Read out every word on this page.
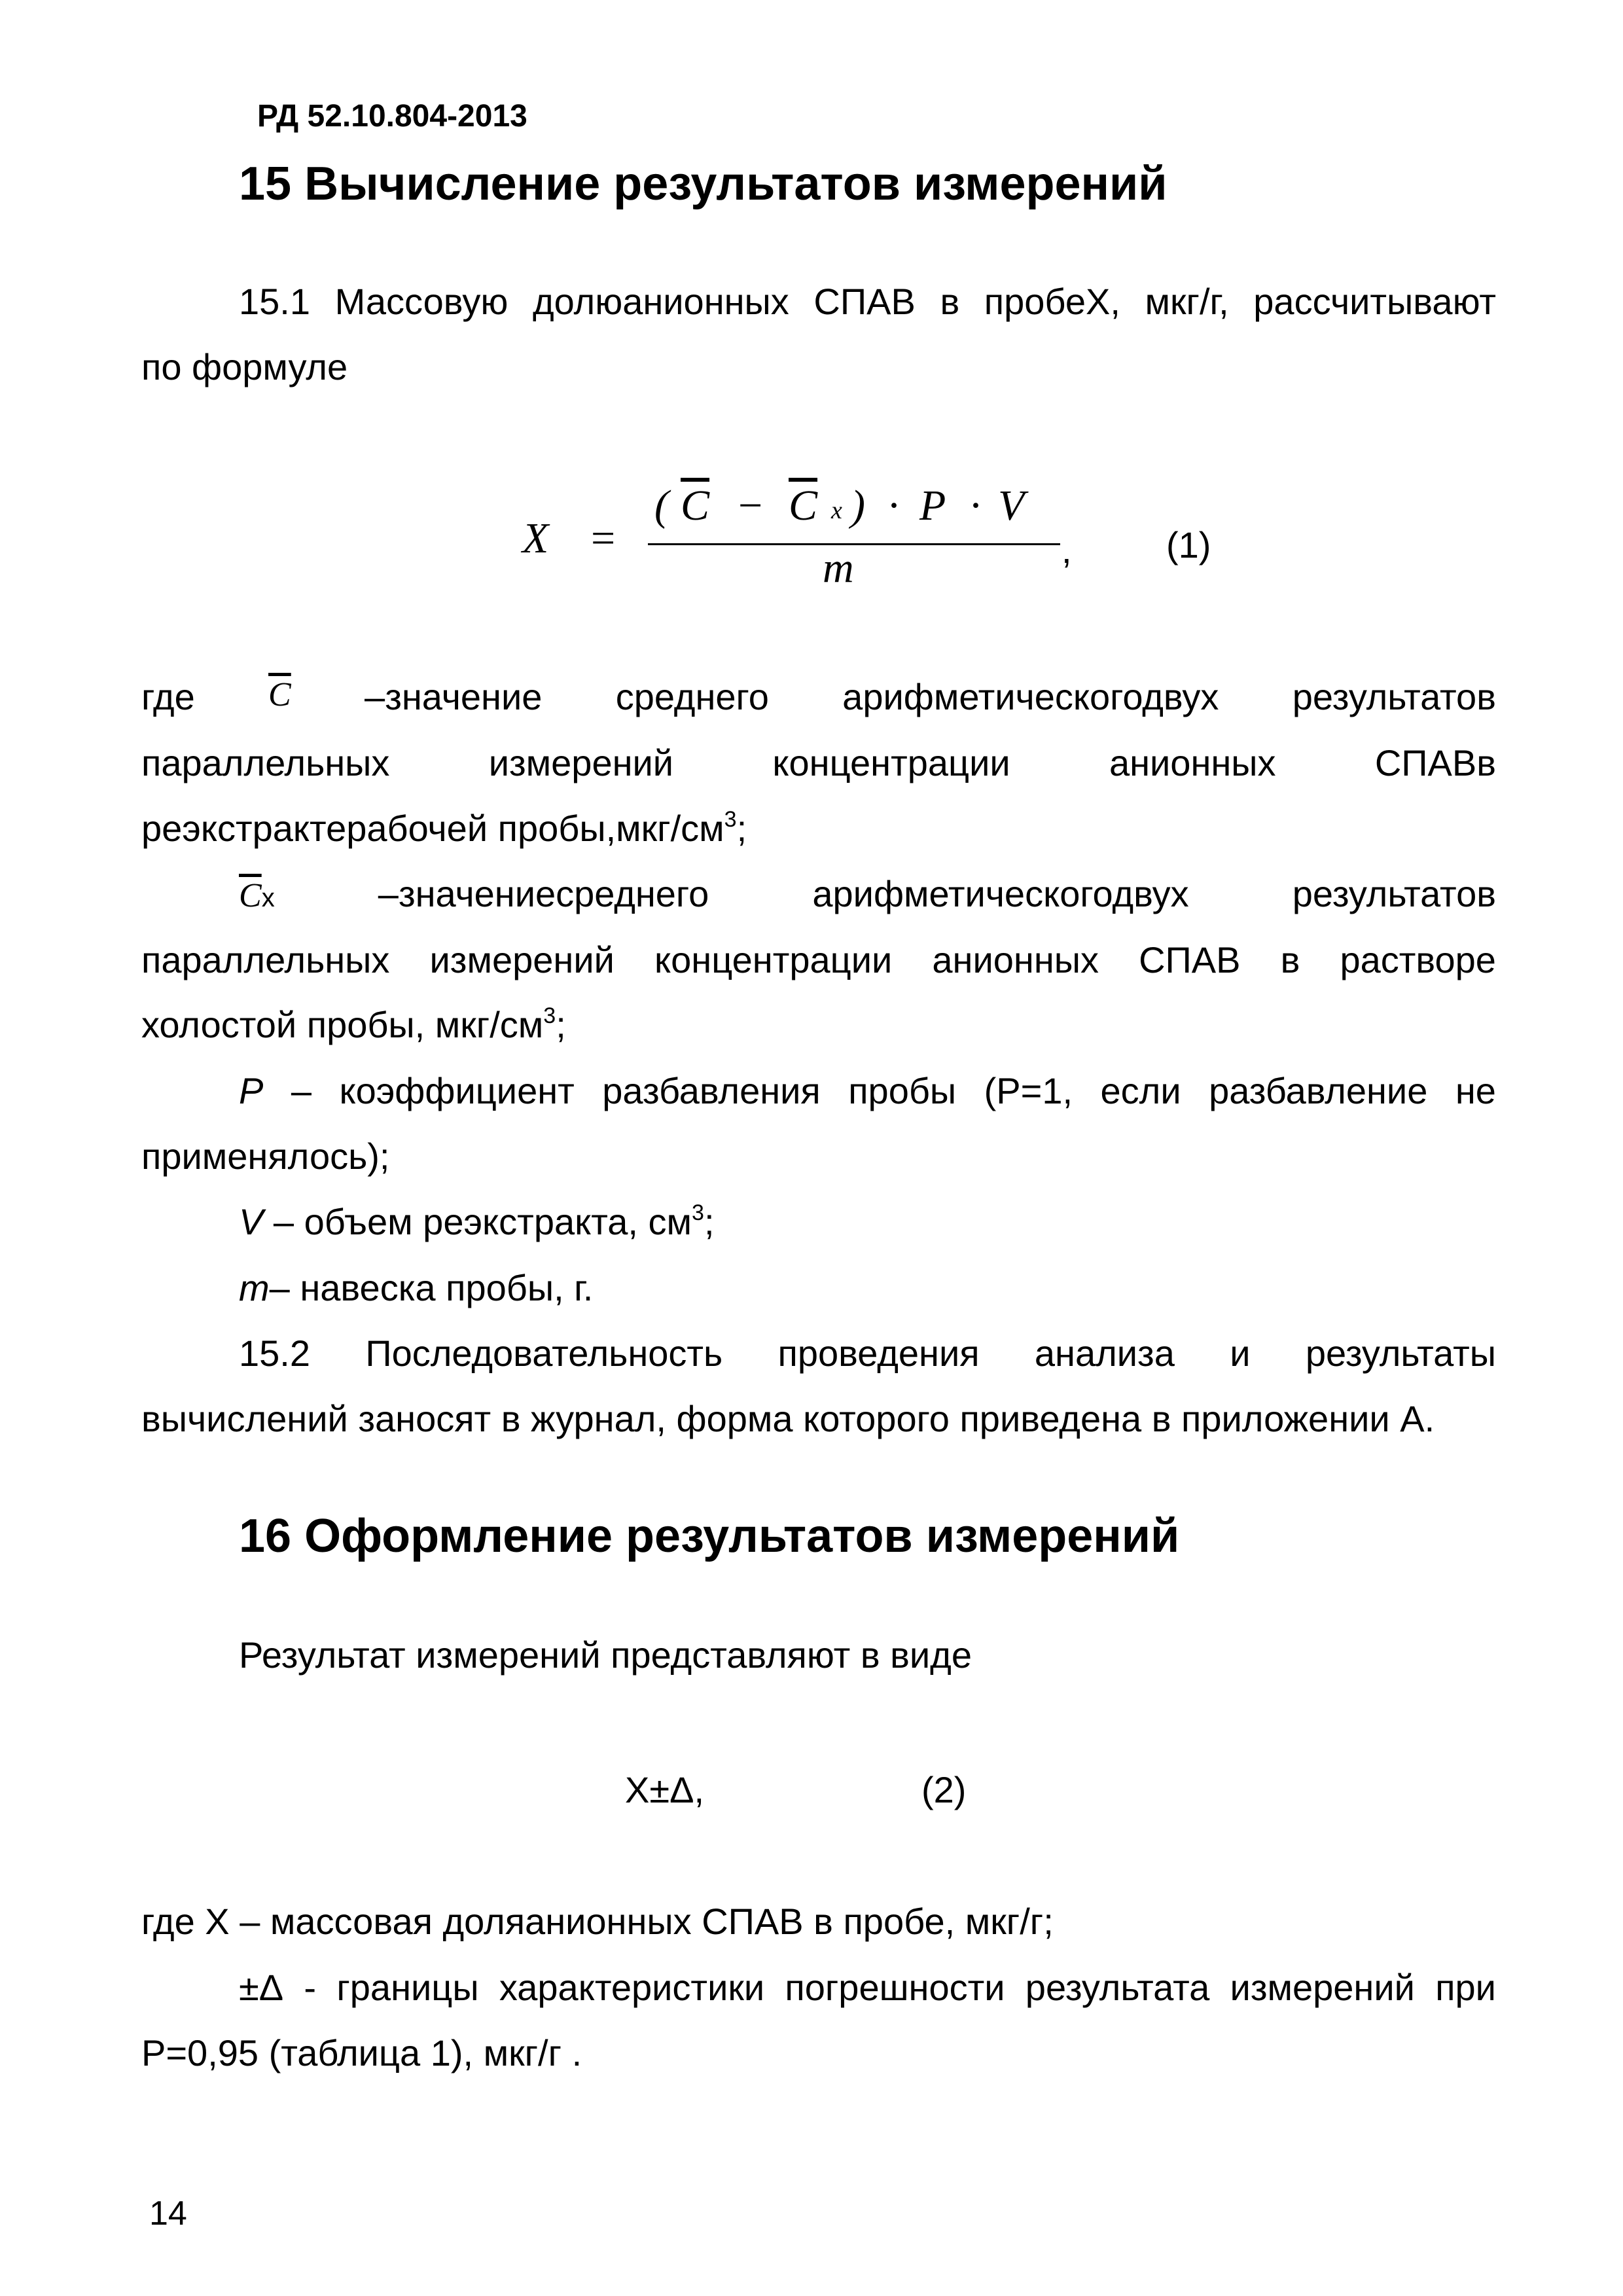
РД 52.10.804-2013
15 Вычисление результатов измерений
15.1 Массовую долюанионных СПАВ в пробеX, мкг/г, рассчитывают
по формуле
X =
( $\overline{C} - \overline{C}$ x ) · P · V
m	,	(1)
где $\overline{C}$ –значение среднего арифметическогодвух результатов
параллельных	измерений	концентрации	анионных	СПАВв
реэкстрактерабочей $пробы,мкг/см^3$;
$\overline{C}x$	–значениесреднего	арифметическогодвух	результатов
параллельных измерений концентрации анионных СПАВ в растворе
холостой пробы, мкг/$см^3$;
P – коэффициент разбавления пробы (P=1, если разбавление не
применялось);
V – объем реэкстракта, $см^3$;
m– навеска пробы, г.
15.2 Последовательность проведения анализа и результаты
вычислений заносят в журнал, форма которого приведена в приложении А.
16 Оформление результатов измерений
Результат измерений представляют в виде
X±Δ,	(2)
где X – массовая доляанионных СПАВ в пробе, мкг/г;
±Δ - границы характеристики погрешности результата измерений при
P=0,95 (таблица 1), мкг/г .
14
